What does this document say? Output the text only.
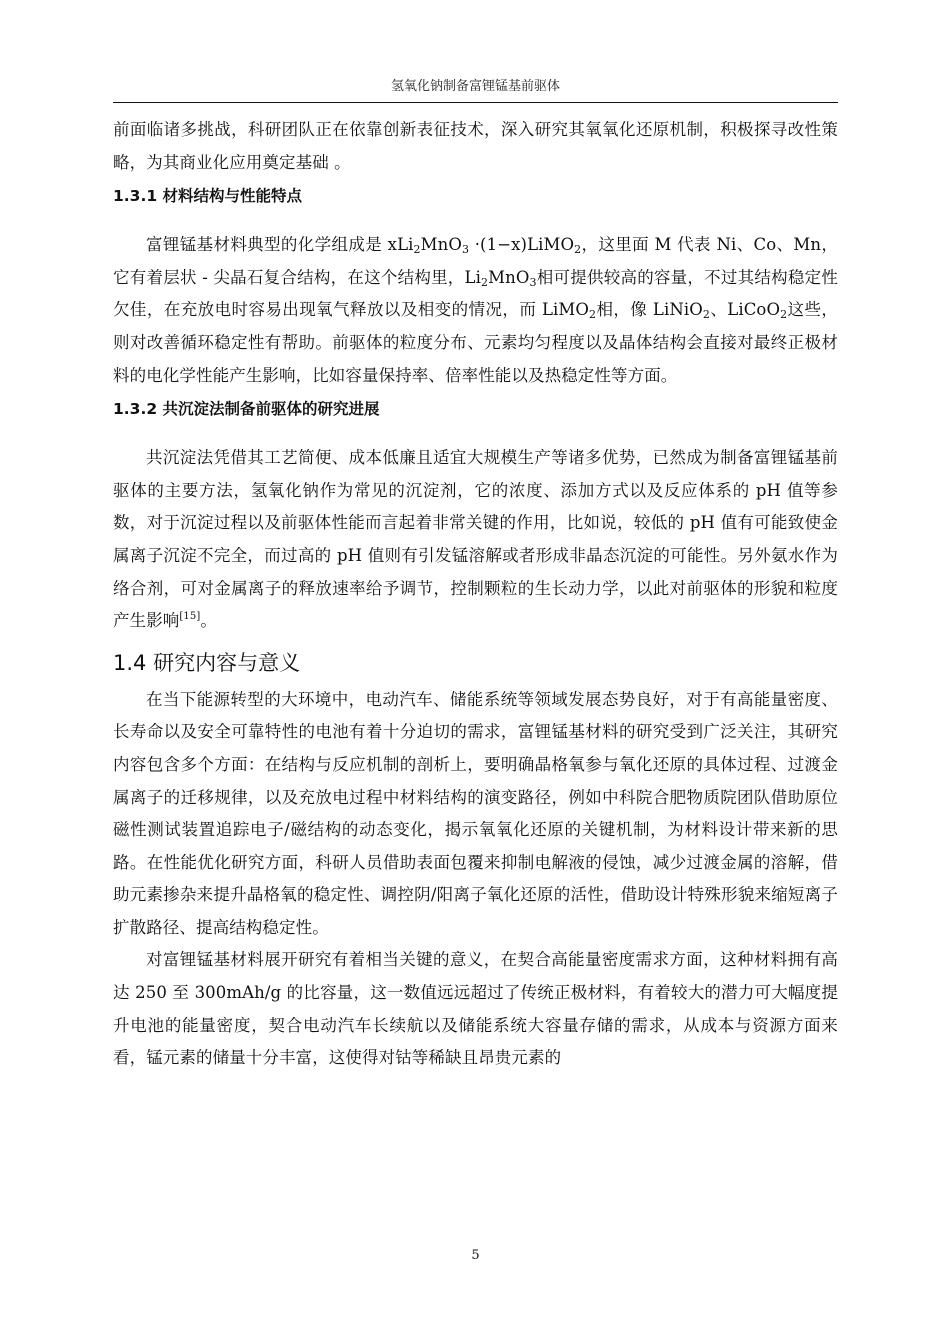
氢氧化钠制备富锂锰基前驱体

前面临诸多挑战，科研团队正在依靠创新表征技术，深入研究其氧氧化还原机制，积极探寻改性策略，为其商业化应用奠定基础 。

1.3.1 材料结构与性能特点

富锂锰基材料典型的化学组成是 xLi$_2$MnO$_3$ ·(1−x)LiMO$_2$，这里面 M 代表 Ni、Co、Mn，它有着层状 - 尖晶石复合结构，在这个结构里，$Li_2MnO_3$相可提供较高的容量，不过其结构稳定性欠佳，在充放电时容易出现氧气释放以及相变的情况，而 LiMO$_2$相，像 LiNiO$_2$、LiCoO$_2$这些，则对改善循环稳定性有帮助。前驱体的粒度分布、元素均匀程度以及晶体结构会直接对最终正极材料的电化学性能产生影响，比如容量保持率、倍率性能以及热稳定性等方面。

1.3.2 共沉淀法制备前驱体的研究进展

共沉淀法凭借其工艺简便、成本低廉且适宜大规模生产等诸多优势，已然成为制备富锂锰基前驱体的主要方法，氢氧化钠作为常见的沉淀剂，它的浓度、添加方式以及反应体系的 pH 值等参数，对于沉淀过程以及前驱体性能而言起着非常关键的作用，比如说，较低的 pH 值有可能致使金属离子沉淀不完全，而过高的 pH 值则有引发锰溶解或者形成非晶态沉淀的可能性。另外氨水作为络合剂，可对金属离子的释放速率给予调节，控制颗粒的生长动力学，以此对前驱体的形貌和粒度产生影响[15]。

1.4 研究内容与意义

在当下能源转型的大环境中，电动汽车、储能系统等领域发展态势良好，对于有高能量密度、长寿命以及安全可靠特性的电池有着十分迫切的需求，富锂锰基材料的研究受到广泛关注，其研究内容包含多个方面：在结构与反应机制的剖析上，要明确晶格氧参与氧化还原的具体过程、过渡金属离子的迁移规律，以及充放电过程中材料结构的演变路径，例如中科院合肥物质院团队借助原位磁性测试装置追踪电子/磁结构的动态变化，揭示氧氧化还原的关键机制，为材料设计带来新的思路。在性能优化研究方面，科研人员借助表面包覆来抑制电解液的侵蚀，减少过渡金属的溶解，借助元素掺杂来提升晶格氧的稳定性、调控阴/阳离子氧化还原的活性，借助设计特殊形貌来缩短离子扩散路径、提高结构稳定性。

对富锂锰基材料展开研究有着相当关键的意义，在契合高能量密度需求方面，这种材料拥有高达 250 至 300mAh/g 的比容量，这一数值远远超过了传统正极材料，有着较大的潜力可大幅度提升电池的能量密度，契合电动汽车长续航以及储能系统大容量存储的需求，从成本与资源方面来看，锰元素的储量十分丰富，这使得对钴等稀缺且昂贵元素的

5
